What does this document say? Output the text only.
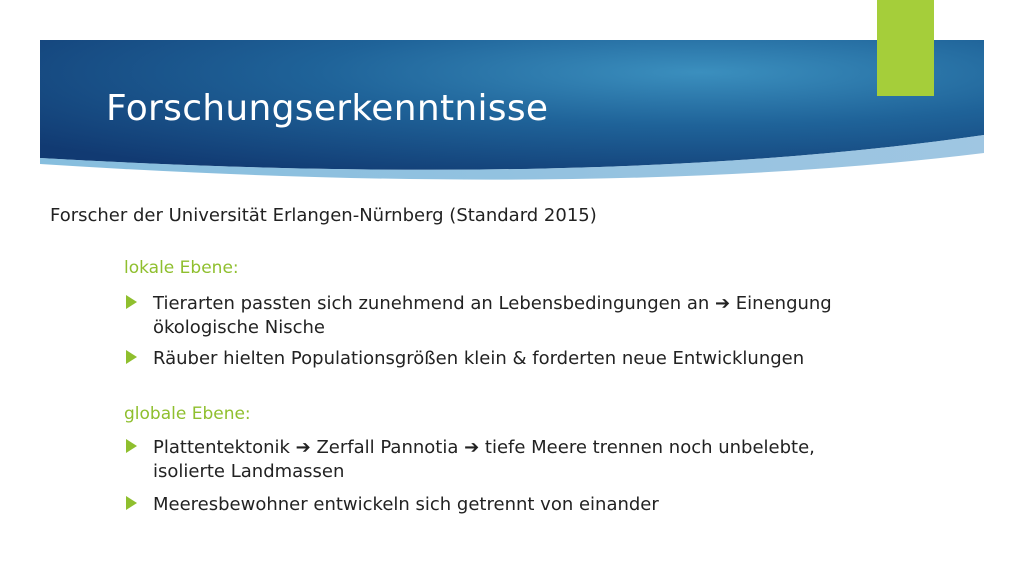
Forschungserkenntnisse
Forscher der Universität Erlangen-Nürnberg (Standard 2015)
lokale Ebene:
Tierarten passten sich zunehmend an Lebensbedingungen an ➔ Einengung ökologische Nische
Räuber hielten Populationsgrößen klein & forderten neue Entwicklungen
globale Ebene:
Plattentektonik ➔ Zerfall Pannotia ➔ tiefe Meere trennen noch unbelebte, isolierte Landmassen
Meeresbewohner entwickeln sich getrennt von einander
